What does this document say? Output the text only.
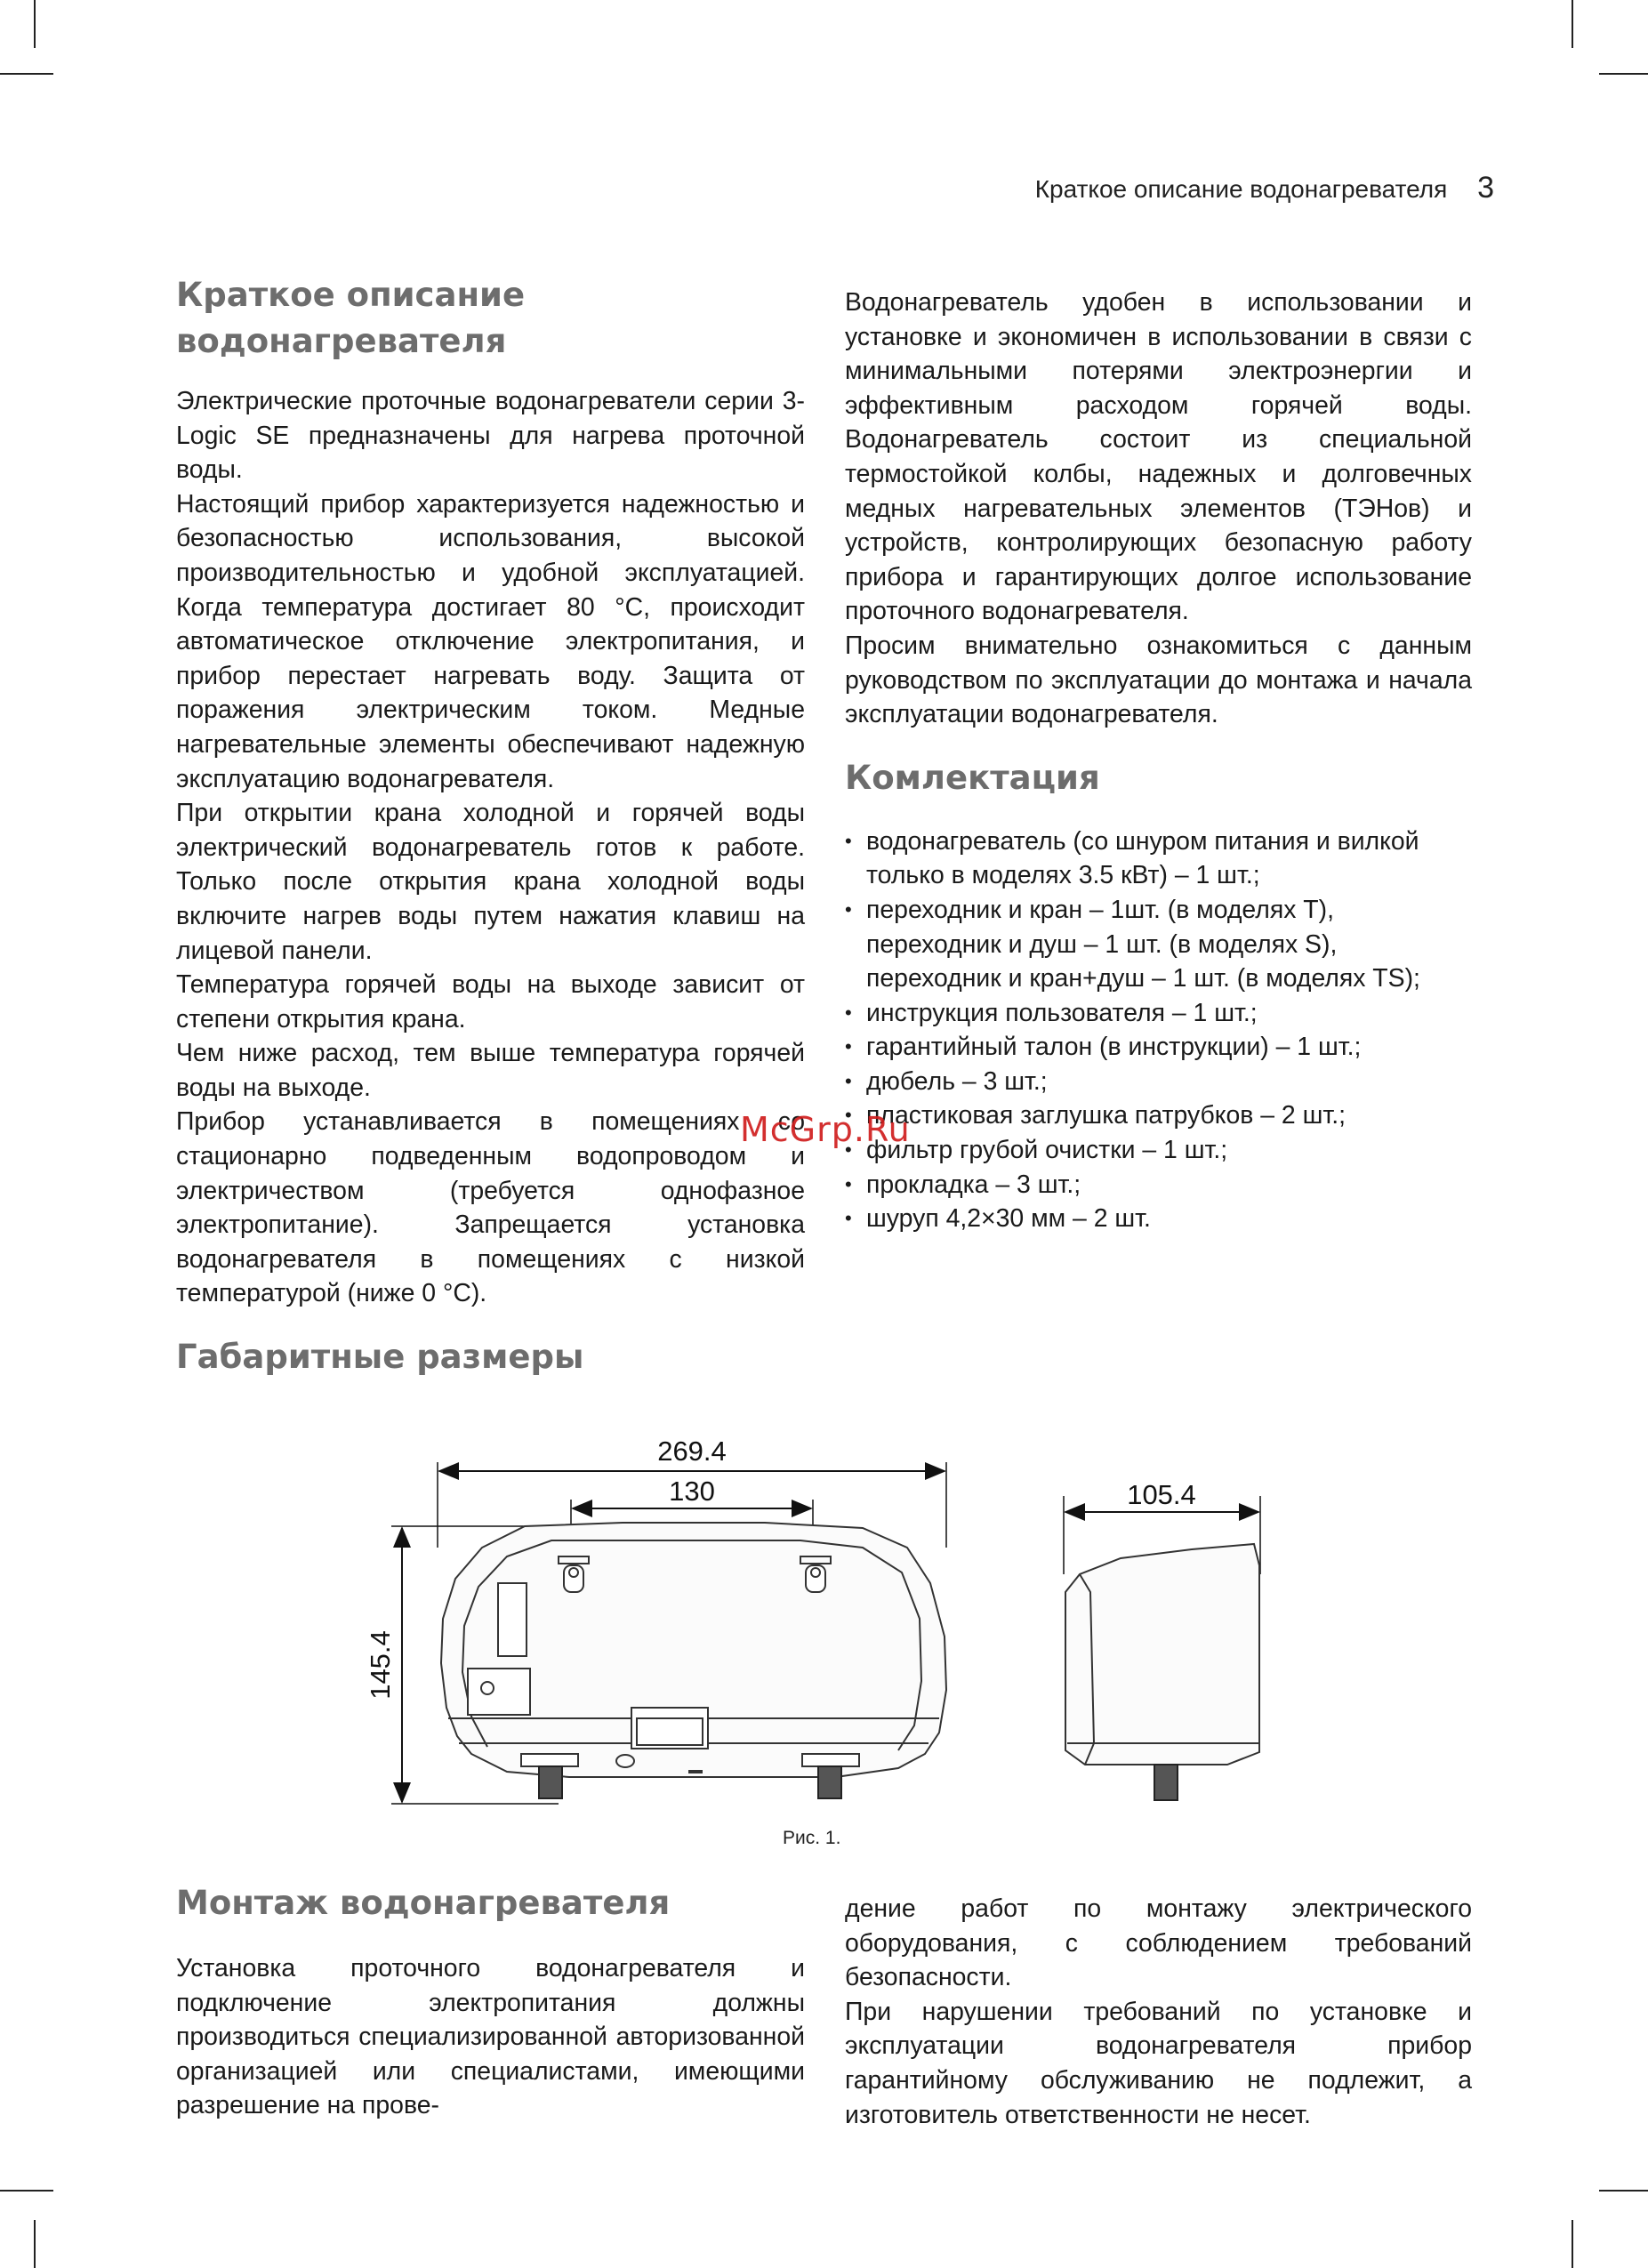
Краткое описание водонагревателя 3
Краткое описание
водонагревателя

Электрические проточные водонагреватели серии 3-Logic SE предназначены для нагрева проточной воды.

Настоящий прибор характеризуется надежностью и безопасностью использования, высокой производительностью и удобной эксплуатацией. Когда температура достигает 80 °С, происходит автоматическое отключение электропитания, и прибор перестает нагревать воду. Защита от поражения электрическим током. Медные нагревательные элементы обеспечивают надежную эксплуатацию водонагревателя.

При открытии крана холодной и горячей воды электрический водонагреватель готов к работе. Только после открытия крана холодной воды включите нагрев воды путем нажатия клавиш на лицевой панели.

Температура горячей воды на выходе зависит от степени открытия крана.

Чем ниже расход, тем выше температура горячей воды на выходе.

Прибор устанавливается в помещениях со стационарно подведенным водопроводом и электричеством (требуется однофазное электропитание). Запрещается установка водонагревателя в помещениях с низкой температурой (ниже 0 °С).

Водонагреватель удобен в использовании и установке и экономичен в использовании в связи с минимальными потерями электроэнергии и эффективным расходом горячей воды. Водонагреватель состоит из специальной термостойкой колбы, надежных и долговечных медных нагревательных элементов (ТЭНов) и устройств, контролирующих безопасную работу прибора и гарантирующих долгое использование проточного водонагревателя.

Просим внимательно ознакомиться с данным руководством по эксплуатации до монтажа и начала эксплуатации водонагревателя.

Комлектация
• водонагреватель (со шнуром питания и вилкой только в моделях 3.5 кВт) – 1 шт.;
• переходник и кран – 1шт. (в моделях Т), переходник и душ – 1 шт. (в моделях S), переходник и кран+душ – 1 шт. (в моделях TS);
• инструкция пользователя – 1 шт.;
• гарантийный талон (в инструкции) – 1 шт.;
• дюбель – 3 шт.;
• пластиковая заглушка патрубков – 2 шт.;
• фильтр грубой очистки – 1 шт.;
• прокладка – 3 шт.;
• шуруп 4,2×30 мм – 2 шт.
McGrp.Ru
Габаритные размеры
269.4
130
145.4
105.4
Рис. 1.
Монтаж водонагревателя

Установка проточного водонагревателя и подключение электропитания должны производиться специализированной авторизованной организацией или специалистами, имеющими разрешение на прове-

дение работ по монтажу электрического оборудования, с соблюдением требований безопасности.

При нарушении требований по установке и эксплуатации водонагревателя прибор гарантийному обслуживанию не подлежит, а изготовитель ответственности не несет.
